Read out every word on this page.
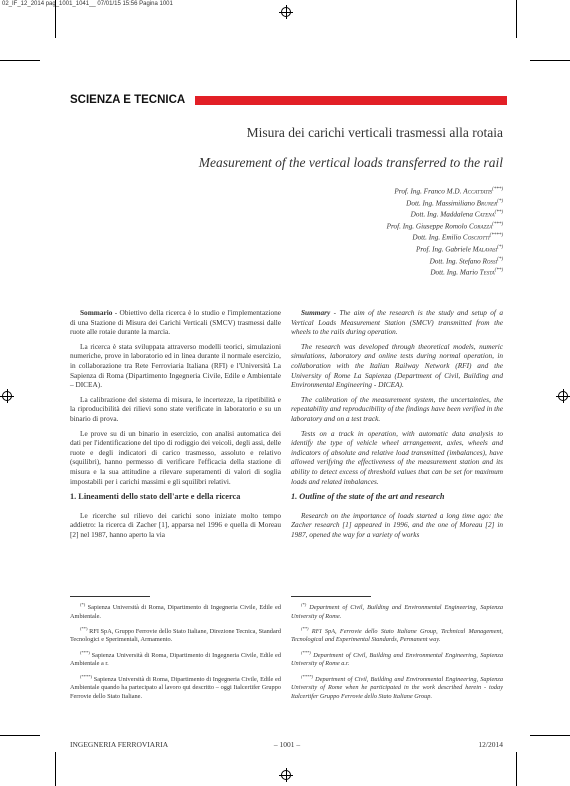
02_IF_12_2014 pag_1001_1041__ 07/01/15 15:56 Pagina 1001
SCIENZA E TECNICA
Misura dei carichi verticali trasmessi alla rotaia
Measurement of the vertical loads transferred to the rail
Prof. Ing. Franco M.D. Accattatis(***)
Dott. Ing. Massimiliano Bruner(*)
Dott. Ing. Maddalena Catena(**)
Prof. Ing. Giuseppe Romolo Corazza(***)
Dott. Ing. Emilio Cosciotti(****)
Prof. Ing. Gabriele Malavasi(*)
Dott. Ing. Stefano Rossi(*)
Dott. Ing. Mario Testa(**)

Sommario - Obiettivo della ricerca è lo studio e l'implementazione di una Stazione di Misura dei Carichi Verticali (SMCV) trasmessi dalle ruote alle rotaie durante la marcia.

La ricerca è stata sviluppata attraverso modelli teorici, simulazioni numeriche, prove in laboratorio ed in linea durante il normale esercizio, in collaborazione tra Rete Ferroviaria Italiana (RFI) e l'Università La Sapienza di Roma (Dipartimento Ingegneria Civile, Edile e Ambientale – DICEA).

La calibrazione del sistema di misura, le incertezze, la ripetibilità e la riproducibilità dei rilievi sono state verificate in laboratorio e su un binario di prova.

Le prove su di un binario in esercizio, con analisi automatica dei dati per l'identificazione del tipo di rodiggio dei veicoli, degli assi, delle ruote e degli indicatori di carico trasmesso, assoluto e relativo (squilibri), hanno permesso di verificare l'efficacia della stazione di misura e la sua attitudine a rilevare superamenti di valori di soglia impostabili per i carichi massimi e gli squilibri relativi.

1. Lineamenti dello stato dell'arte e della ricerca

Le ricerche sul rilievo dei carichi sono iniziate molto tempo addietro: la ricerca di Zacher [1], apparsa nel 1996 e quella di Moreau [2] nel 1987, hanno aperto la via

Summary - The aim of the research is the study and setup of a Vertical Loads Measurement Station (SMCV) transmitted from the wheels to the rails during operation.

The research was developed through theoretical models, numeric simulations, laboratory and online tests during normal operation, in collaboration with the Italian Railway Network (RFI) and the University of Rome La Sapienza (Department of Civil, Building and Environmental Engineering - DICEA).

The calibration of the measurement system, the uncertainties, the repeatability and reproducibility of the findings have been verified in the laboratory and on a test track.

Tests on a track in operation, with automatic data analysis to identify the type of vehicle wheel arrangement, axles, wheels and indicators of absolute and relative load transmitted (imbalances), have allowed verifying the effectiveness of the measurement station and its ability to detect excess of threshold values that can be set for maximum loads and related imbalances.

1. Outline of the state of the art and research

Research on the importance of loads started a long time ago: the Zacher research [1] appeared in 1996, and the one of Moreau [2] in 1987, opened the way for a variety of works

(*) Sapienza Università di Roma, Dipartimento di Ingegneria Civile, Edile ed Ambientale.

(**) RFI SpA, Gruppo Ferrovie dello Stato Italiane, Direzione Tecnica, Standard Tecnologici e Sperimentali, Armamento.

(***) Sapienza Università di Roma, Dipartimento di Ingegneria Civile, Edile ed Ambientale a r.

(****) Sapienza Università di Roma, Dipartimento di Ingegneria Civile, Edile ed Ambientale quando ha partecipato al lavoro qui descritto – oggi Italcertifer Gruppo Ferrovie dello Stato Italiane.

(*) Department of Civil, Building and Environmental Engineering, Sapienza University of Rome.

(**) RFI SpA, Ferrovie dello Stato Italiane Group, Technical Management, Tecnological and Experimental Standards, Permanent way.

(***) Department of Civil, Building and Environmental Engineering, Sapienza University of Rome a.r.

(****) Department of Civil, Building and Environmental Engineering, Sapienza University of Rome when he participated in the work described herein - today Italcertifer Gruppo Ferrovie dello Stato Italiane Group.

INGEGNERIA FERROVIARIA	– 1001 –	12/2014
